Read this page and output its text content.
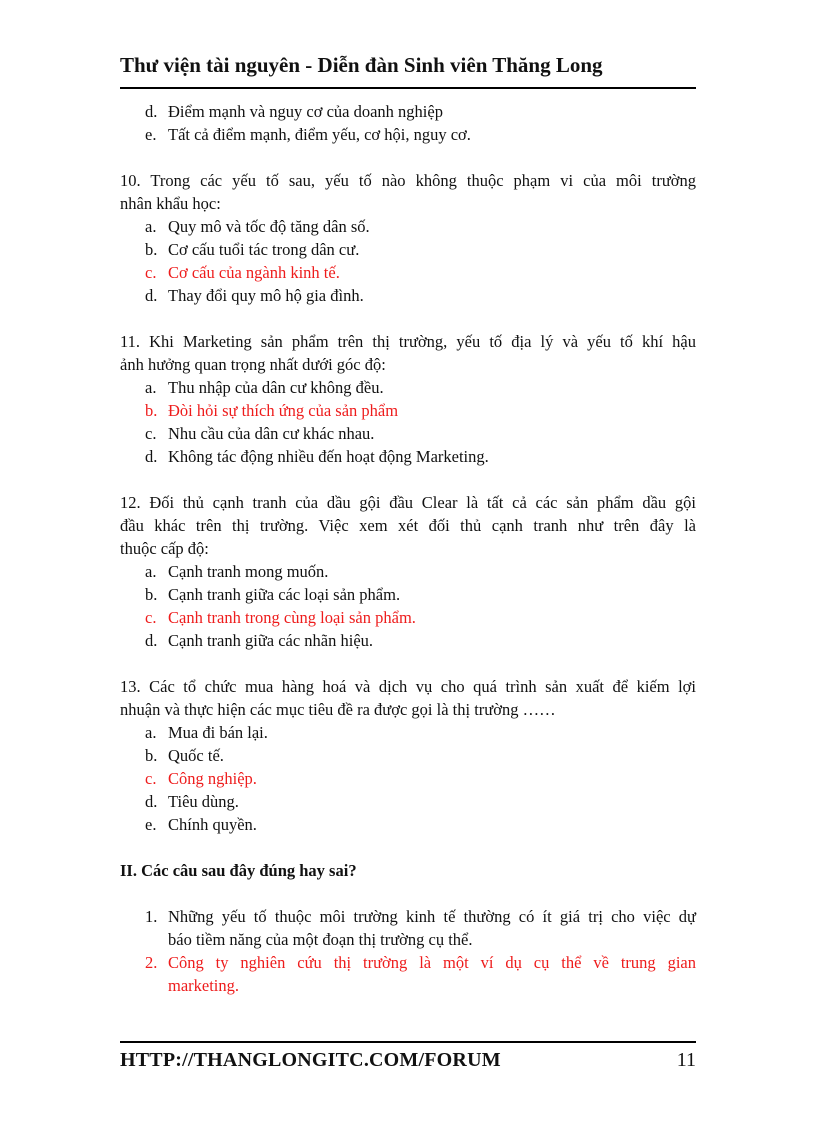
Thư viện tài nguyên - Diễn đàn Sinh viên Thăng Long
d. Điểm mạnh và nguy cơ của doanh nghiệp
e. Tất cả điểm mạnh, điểm yếu, cơ hội, nguy cơ.
10. Trong các yếu tố sau, yếu tố nào không thuộc phạm vi của môi trường
nhân khẩu học:
a. Quy mô và tốc độ tăng dân số.
b. Cơ cấu tuổi tác trong dân cư.
c. Cơ cấu của ngành kinh tế.
d. Thay đổi quy mô hộ gia đình.
11. Khi Marketing sản phẩm trên thị trường, yếu tố địa lý và yếu tố khí hậu
ảnh hưởng quan trọng nhất dưới góc độ:
a. Thu nhập của dân cư không đều.
b. Đòi hỏi sự thích ứng của sản phẩm
c. Nhu cầu của dân cư khác nhau.
d. Không tác động nhiều đến hoạt động Marketing.
12. Đối thủ cạnh tranh của dầu gội đầu Clear là tất cả các sản phẩm dầu gội
đầu khác trên thị trường. Việc xem xét đối thủ cạnh tranh như trên đây là
thuộc cấp độ:
a. Cạnh tranh mong muốn.
b. Cạnh tranh giữa các loại sản phẩm.
c. Cạnh tranh trong cùng loại sản phẩm.
d. Cạnh tranh giữa các nhãn hiệu.
13. Các tổ chức mua hàng hoá và dịch vụ cho quá trình sản xuất để kiếm lợi
nhuận và thực hiện các mục tiêu đề ra được gọi là thị trường ……
a. Mua đi bán lại.
b. Quốc tế.
c. Công nghiệp.
d. Tiêu dùng.
e. Chính quyền.
II. Các câu sau đây đúng hay sai?
1. Những yếu tố thuộc môi trường kinh tế thường có ít giá trị cho việc dự
báo tiềm năng của một đoạn thị trường cụ thể.
2. Công ty nghiên cứu thị trường là một ví dụ cụ thể về trung gian
marketing.
HTTP://THANGLONGITC.COM/FORUM	11
